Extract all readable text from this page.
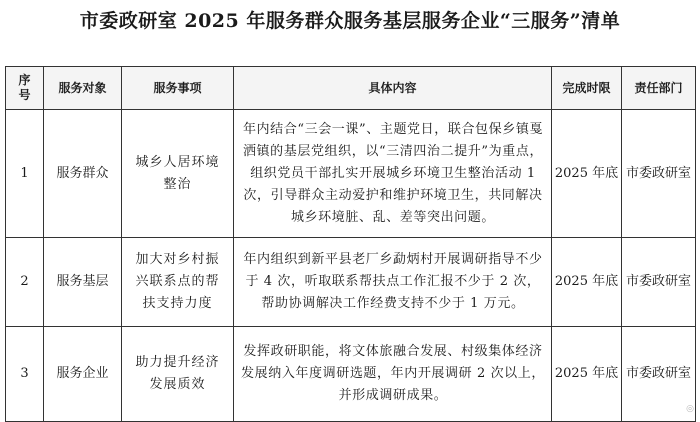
市委政研室 2025 年服务群众服务基层服务企业“三服务”清单
序号	服务对象	服务事项	具体内容	完成时限	责任部门
1	服务群众	城乡人居环境整治	年内结合“三会一课”、主题党日，联合包保乡镇戛洒镇的基层党组织，以“三清四治二提升”为重点，组织党员干部扎实开展城乡环境卫生整治活动 1 次，引导群众主动爱护和维护环境卫生，共同解决城乡环境脏、乱、差等突出问题。	2025 年底	市委政研室
2	服务基层	加大对乡村振兴联系点的帮扶支持力度	年内组织到新平县老厂乡勐炳村开展调研指导不少于 4 次，听取联系帮扶点工作汇报不少于 2 次，帮助协调解决工作经费支持不少于 1 万元。	2025 年底	市委政研室
3	服务企业	助力提升经济发展质效	发挥政研职能，将文体旅融合发展、村级集体经济发展纳入年度调研选题，年内开展调研 2 次以上，并形成调研成果。	2025 年底	市委政研室
◎
